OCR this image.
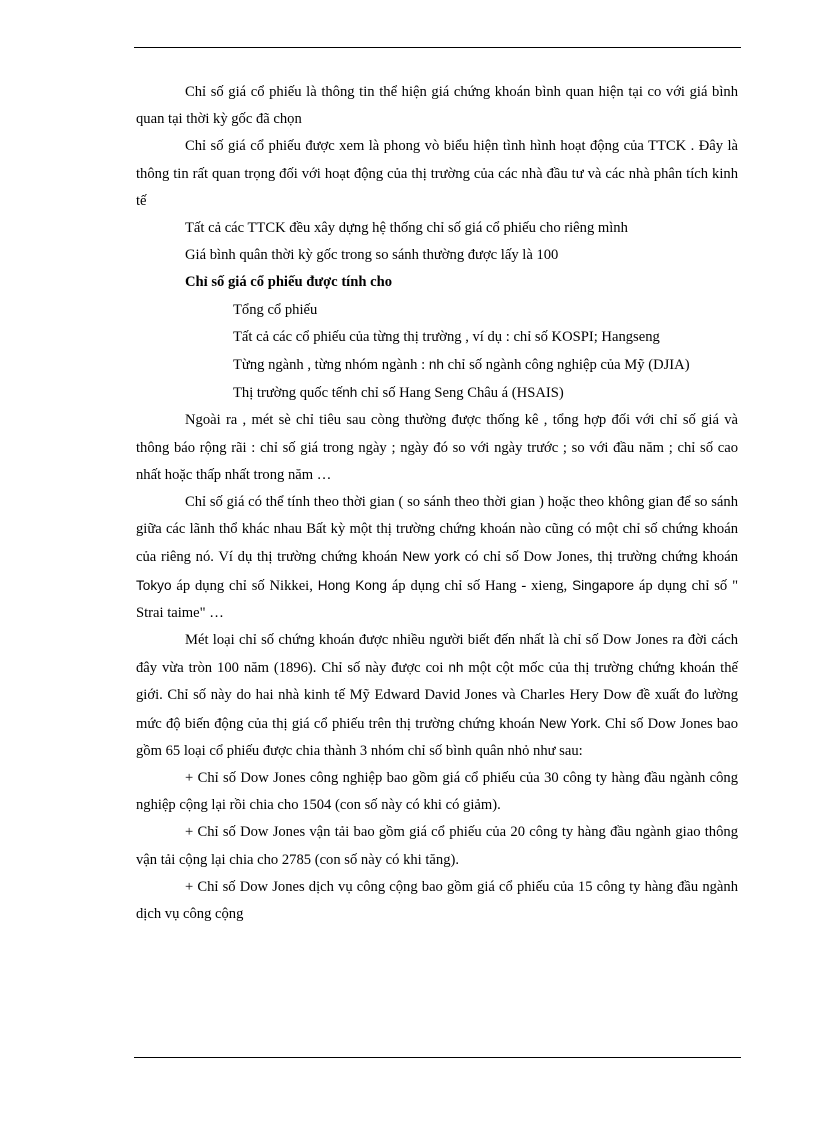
Chỉ số giá cổ phiếu là thông tin thể hiện giá chứng khoán bình quan hiện tại co với giá bình quan tại thời kỳ gốc đã chọn

Chỉ số giá cổ phiếu được xem là phong vò biểu hiện tình hình hoạt động của TTCK . Đây là thông tin rất quan trọng đối với hoạt động của thị trường của các nhà đầu tư và các nhà phân tích kinh tế

Tất cả các TTCK đều xây dựng hệ thống chỉ số giá cổ phiếu cho riêng mình

Giá bình quân thời kỳ gốc trong so sánh thường được lấy là 100

Chỉ số giá cổ phiếu được tính cho

Tổng cổ phiếu

Tất cả các cổ phiếu của từng thị trường , ví dụ : chỉ số KOSPI; Hangseng

Từng ngành , từng nhóm ngành : nh chỉ số ngành công nghiệp của Mỹ (DJIA)

Thị trường quốc tếnh chỉ số Hang Seng Châu á (HSAIS)

Ngoài ra , mét sè chỉ tiêu sau còng thường được thống kê , tổng hợp đối với chỉ số giá và thông báo rộng rãi : chỉ số giá trong ngày ; ngày đó so với ngày trước ; so với đầu năm ; chỉ số cao nhất hoặc thấp nhất trong năm …

Chỉ số giá có thể tính theo thời gian ( so sánh theo thời gian ) hoặc theo không gian để so sánh giữa các lãnh thổ khác nhau Bất kỳ một thị trường chứng khoán nào cũng có một chỉ số chứng khoán của riêng nó. Ví dụ thị trường chứng khoán New york có chỉ số Dow Jones, thị trường chứng khoán Tokyo áp dụng chỉ số Nikkei, Hong Kong áp dụng chỉ số Hang - xieng, Singapore áp dụng chỉ số " Strai taime" …

Mét loại chỉ số chứng khoán được nhiều người biết đến nhất là chỉ số Dow Jones ra đời cách đây vừa tròn 100 năm (1896). Chỉ số này được coi nh một cột mốc của thị trường chứng khoán thế giới. Chỉ số này do hai nhà kinh tế Mỹ Edward David Jones và Charles Hery Dow đề xuất đo lường mức độ biến động của thị giá cổ phiếu trên thị trường chứng khoán New York. Chỉ số Dow Jones bao gồm 65 loại cổ phiếu được chia thành 3 nhóm chỉ số bình quân nhỏ như sau:

+ Chỉ số Dow Jones công nghiệp bao gồm giá cổ phiếu của 30 công ty hàng đầu ngành công nghiệp cộng lại rồi chia cho 1504 (con số này có khi có giảm).

+ Chỉ số Dow Jones vận tải bao gồm giá cổ phiếu của 20 công ty hàng đầu ngành giao thông vận tải cộng lại chia cho 2785 (con số này có khi tăng).

+ Chỉ số Dow Jones dịch vụ công cộng bao gồm giá cổ phiếu của 15 công ty hàng đầu ngành dịch vụ công cộng
